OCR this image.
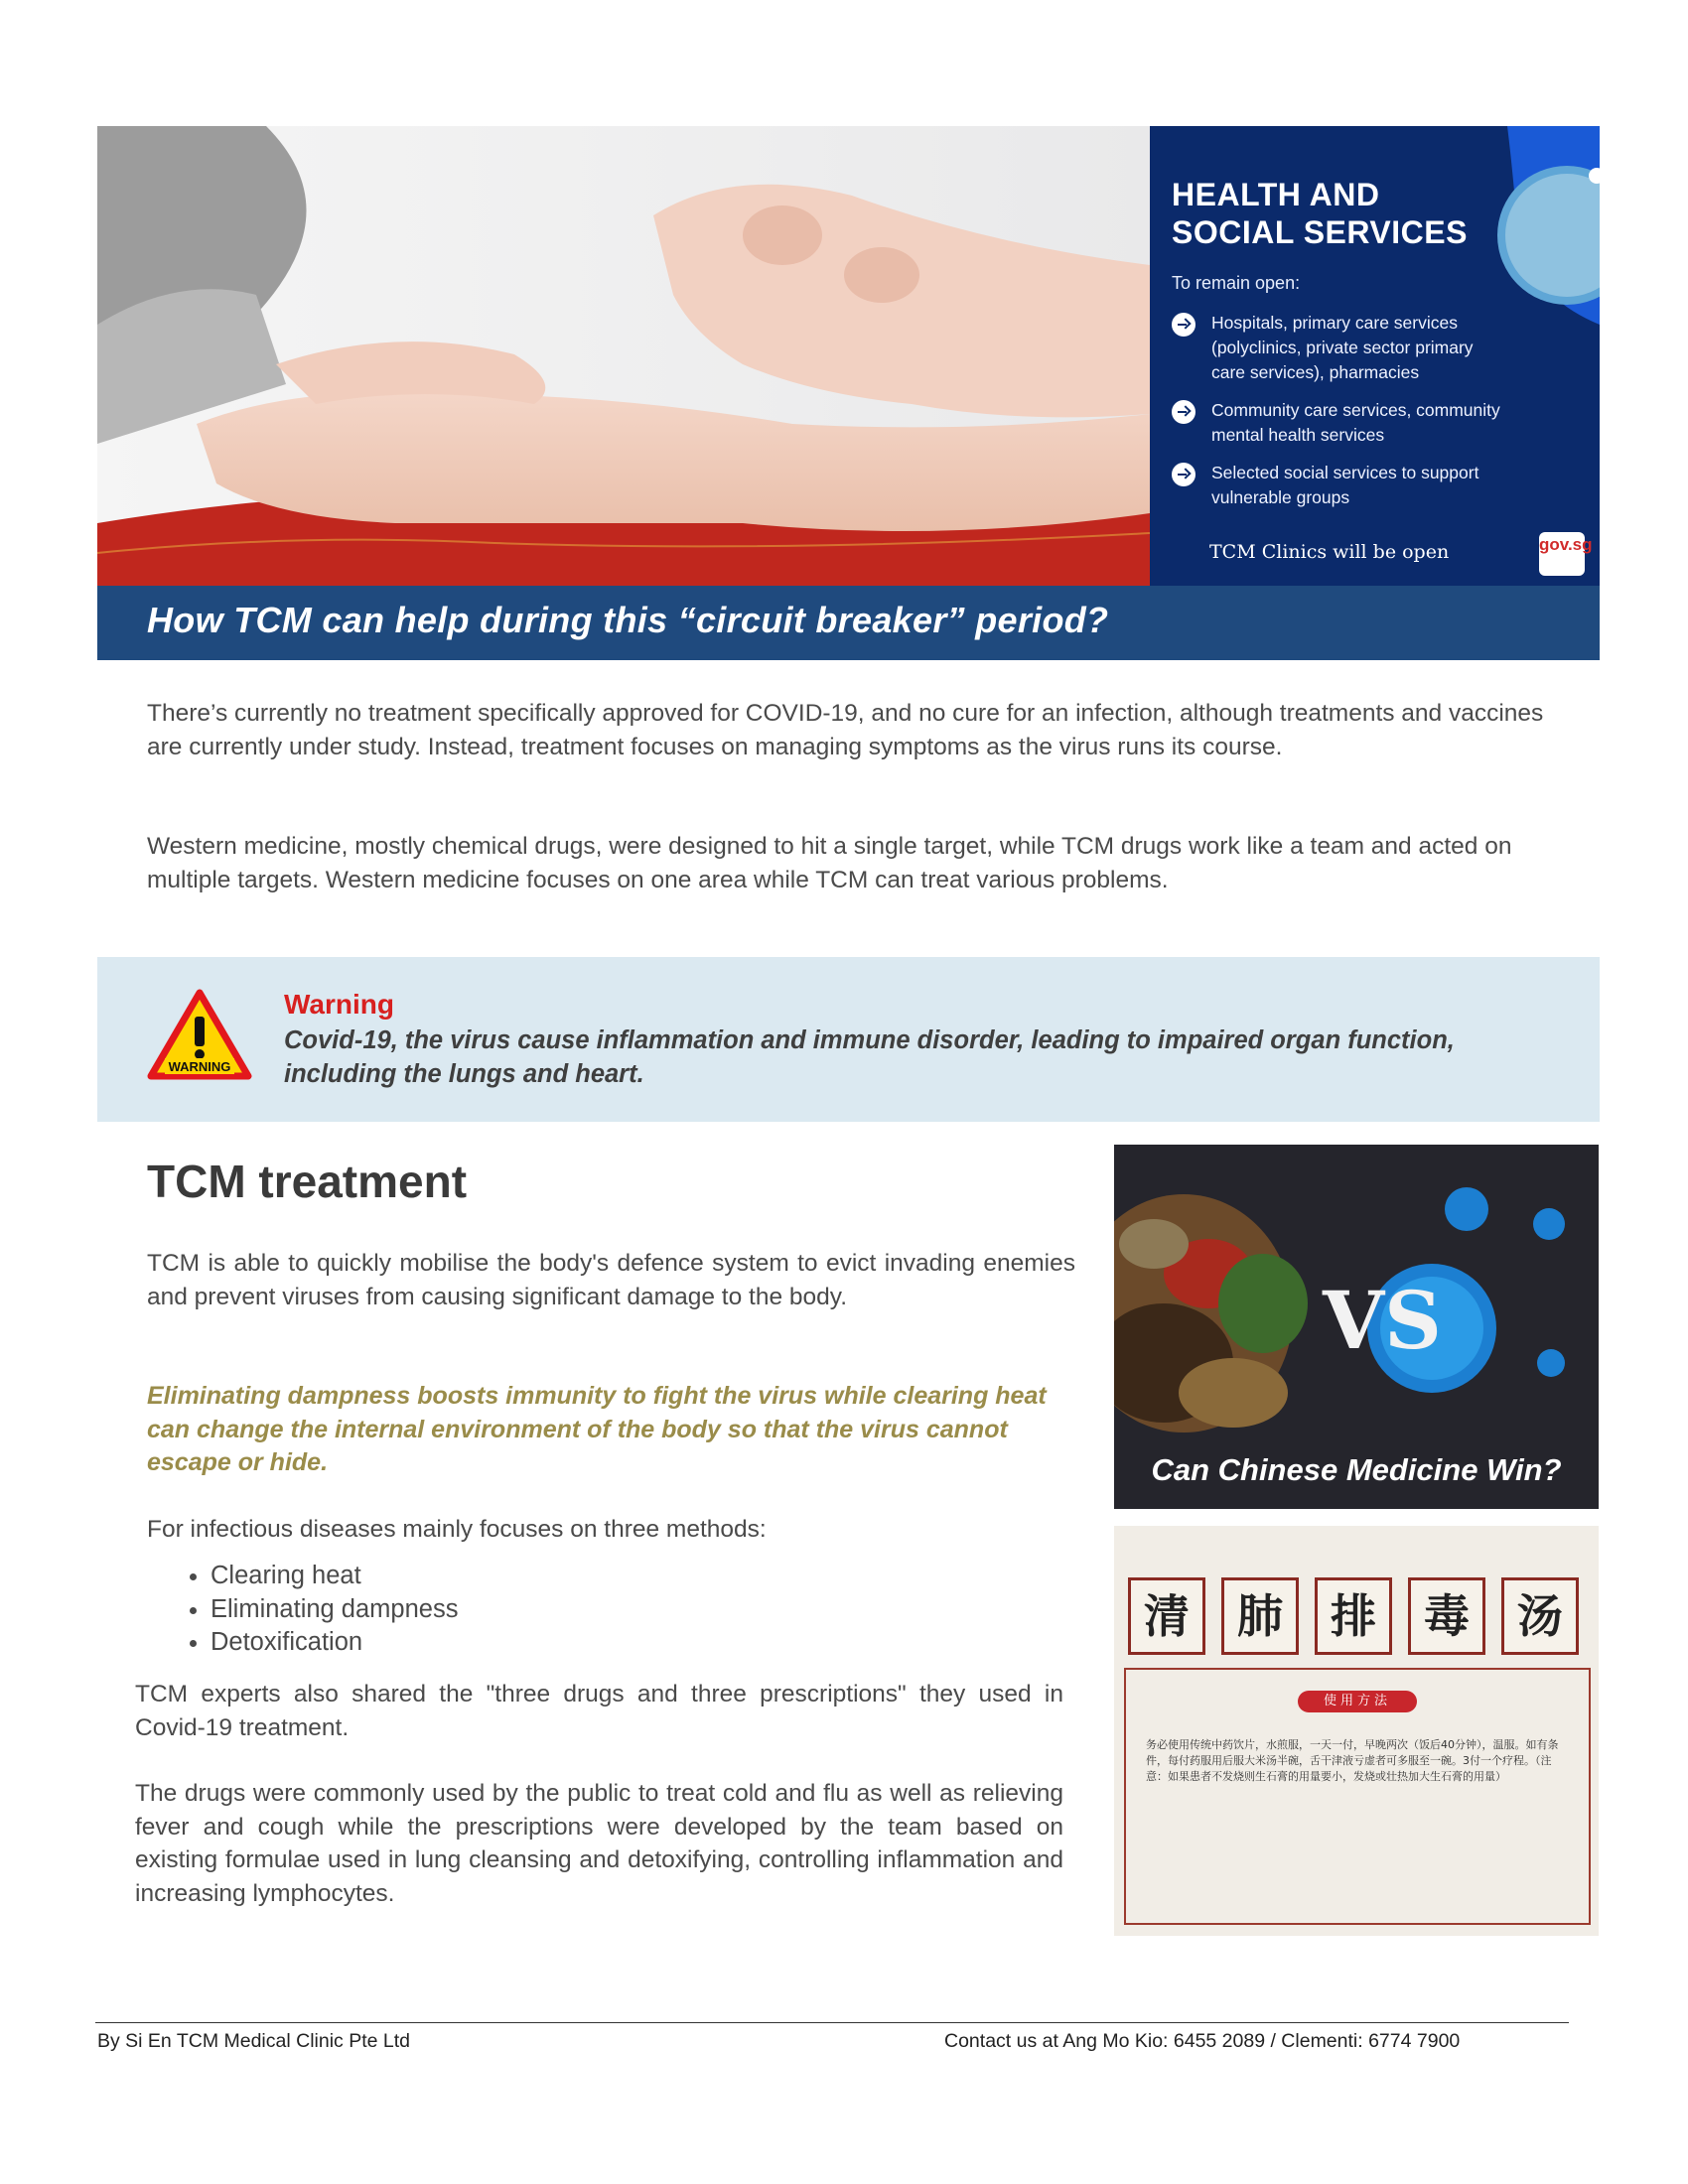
HEALTH AND
SOCIAL SERVICES
To remain open:
Hospitals, primary care services (polyclinics, private sector primary care services), pharmacies
Community care services, community mental health services
Selected social services to support vulnerable groups
TCM Clinics will be open	gov.sg
How TCM can help during this “circuit breaker” period?
There’s currently no treatment specifically approved for COVID-19, and no cure for an infection, although treatments and vaccines are currently under study. Instead, treatment focuses on managing symptoms as the virus runs its course.
Western medicine, mostly chemical drugs, were designed to hit a single target, while TCM drugs work like a team and acted on multiple targets. Western medicine focuses on one area while TCM can treat various problems.
WARNING
Warning
Covid-19, the virus cause inflammation and immune disorder, leading to impaired organ function, including the lungs and heart.
TCM treatment
TCM is able to quickly mobilise the body's defence system to evict invading enemies and prevent viruses from causing significant damage to the body.
Eliminating dampness boosts immunity to fight the virus while clearing heat can change the internal environment of the body so that the virus cannot escape or hide.
For infectious diseases mainly focuses on three methods:
• Clearing heat
• Eliminating dampness
• Detoxification
TCM experts also shared the "three drugs and three prescriptions" they used in Covid-19 treatment.
The drugs were commonly used by the public to treat cold and flu as well as relieving fever and cough while the prescriptions were developed by the team based on existing formulae used in lung cleansing and detoxifying, controlling inflammation and increasing lymphocytes.
VS
Can Chinese Medicine Win?
清	肺	排	毒	汤
使用方法
务必使用传统中药饮片，水煎服，一天一付，早晚两次（饭后40分钟），温服。如有条件，每付药服用后服大米汤半碗，舌干津液亏虚者可多服至一碗。3付一个疗程。（注意：如果患者不发烧则生石膏的用量要小，发烧或壮热加大生石膏的用量）
By Si En TCM Medical Clinic Pte Ltd	Contact us at Ang Mo Kio: 6455 2089 / Clementi: 6774 7900
